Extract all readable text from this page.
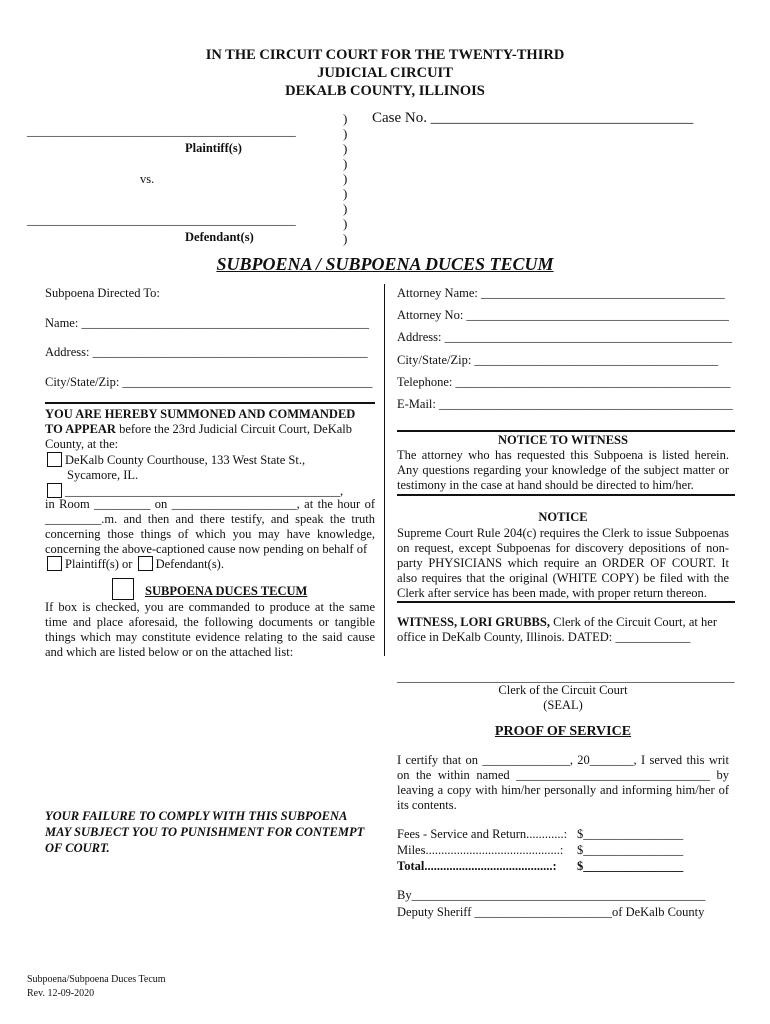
IN THE CIRCUIT COURT FOR THE TWENTY-THIRD
JUDICIAL CIRCUIT
DEKALB COUNTY, ILLINOIS
___________________________________________
Plaintiff(s)
vs.
___________________________________________
Defendant(s)
Case No. ___________________________________
)
)
)
)
)
)
)
)
)
SUBPOENA / SUBPOENA DUCES TECUM
Subpoena Directed To:
Name: ______________________________________________
Address: ____________________________________________
City/State/Zip: ________________________________________
YOU ARE HEREBY SUMMONED AND COMMANDED
TO APPEAR before the 23rd Judicial Circuit Court, DeKalb
County, at the:
DeKalb County Courthouse, 133 West State St.,
Sycamore, IL.
____________________________________________,
in Room _________ on ____________________, at the hour of
_________.m. and then and there testify, and speak the truth concerning those things of which you may have knowledge, concerning the above-captioned cause now pending on behalf of
Plaintiff(s) or Defendant(s).
SUBPOENA DUCES TECUM
If box is checked, you are commanded to produce at the same time and place aforesaid, the following documents or tangible things which may constitute evidence relating to the said cause and which are listed below or on the attached list:
YOUR FAILURE TO COMPLY WITH THIS SUBPOENA MAY SUBJECT YOU TO PUNISHMENT FOR CONTEMPT OF COURT.
Attorney Name: _______________________________________
Attorney No: __________________________________________
Address: ______________________________________________
City/State/Zip: _______________________________________
Telephone: ____________________________________________
E-Mail: _______________________________________________
NOTICE TO WITNESS
The attorney who has requested this Subpoena is listed herein. Any questions regarding your knowledge of the subject matter or testimony in the case at hand should be directed to him/her.
NOTICE
Supreme Court Rule 204(c) requires the Clerk to issue Subpoenas on request, except Subpoenas for discovery depositions of non-party PHYSICIANS which require an ORDER OF COURT. It also requires that the original (WHITE COPY) be filed with the Clerk after service has been made, with proper return thereon.
WITNESS, LORI GRUBBS, Clerk of the Circuit Court, at her office in DeKalb County, Illinois. DATED: ____________
______________________________________________________
Clerk of the Circuit Court
(SEAL)
PROOF OF SERVICE
I certify that on ______________, 20_______, I served this writ on the within named _______________________________ by leaving a copy with him/her personally and informing him/her of its contents.
Fees - Service and Return............: $________________
Miles...........................................: $________________
Total.........................................: $________________
By_______________________________________________
Deputy Sheriff ______________________of DeKalb County
Subpoena/Subpoena Duces Tecum
Rev. 12-09-2020
